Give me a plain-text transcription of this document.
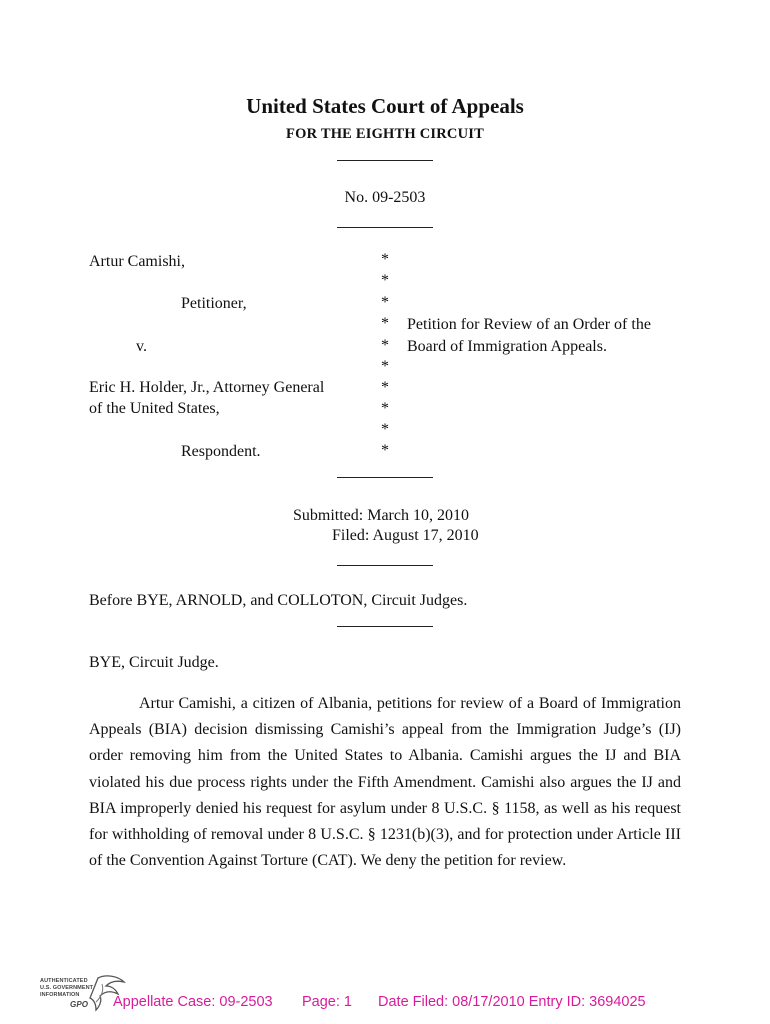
United States Court of Appeals
FOR THE EIGHTH CIRCUIT
No. 09-2503
Artur Camishi,
Petitioner,
v.
Eric H. Holder, Jr., Attorney General
of the United States,
Respondent.
*
*
*
*
*
*
*
*
*
*
Petition for Review of an Order of the
Board of Immigration Appeals.
Submitted: March 10, 2010
Filed: August 17, 2010
Before BYE, ARNOLD, and COLLOTON, Circuit Judges.
BYE, Circuit Judge.

Artur Camishi, a citizen of Albania, petitions for review of a Board of Immigration Appeals (BIA) decision dismissing Camishi’s appeal from the Immigration Judge’s (IJ) order removing him from the United States to Albania. Camishi argues the IJ and BIA violated his due process rights under the Fifth Amendment. Camishi also argues the IJ and BIA improperly denied his request for asylum under 8 U.S.C. § 1158, as well as his request for withholding of removal under 8 U.S.C. § 1231(b)(3), and for protection under Article III of the Convention Against Torture (CAT). We deny the petition for review.

AUTHENTICATED
U.S. GOVERNMENT
INFORMATION
GPO Appellate Case: 09-2503 Page: 1 Date Filed: 08/17/2010 Entry ID: 3694025
